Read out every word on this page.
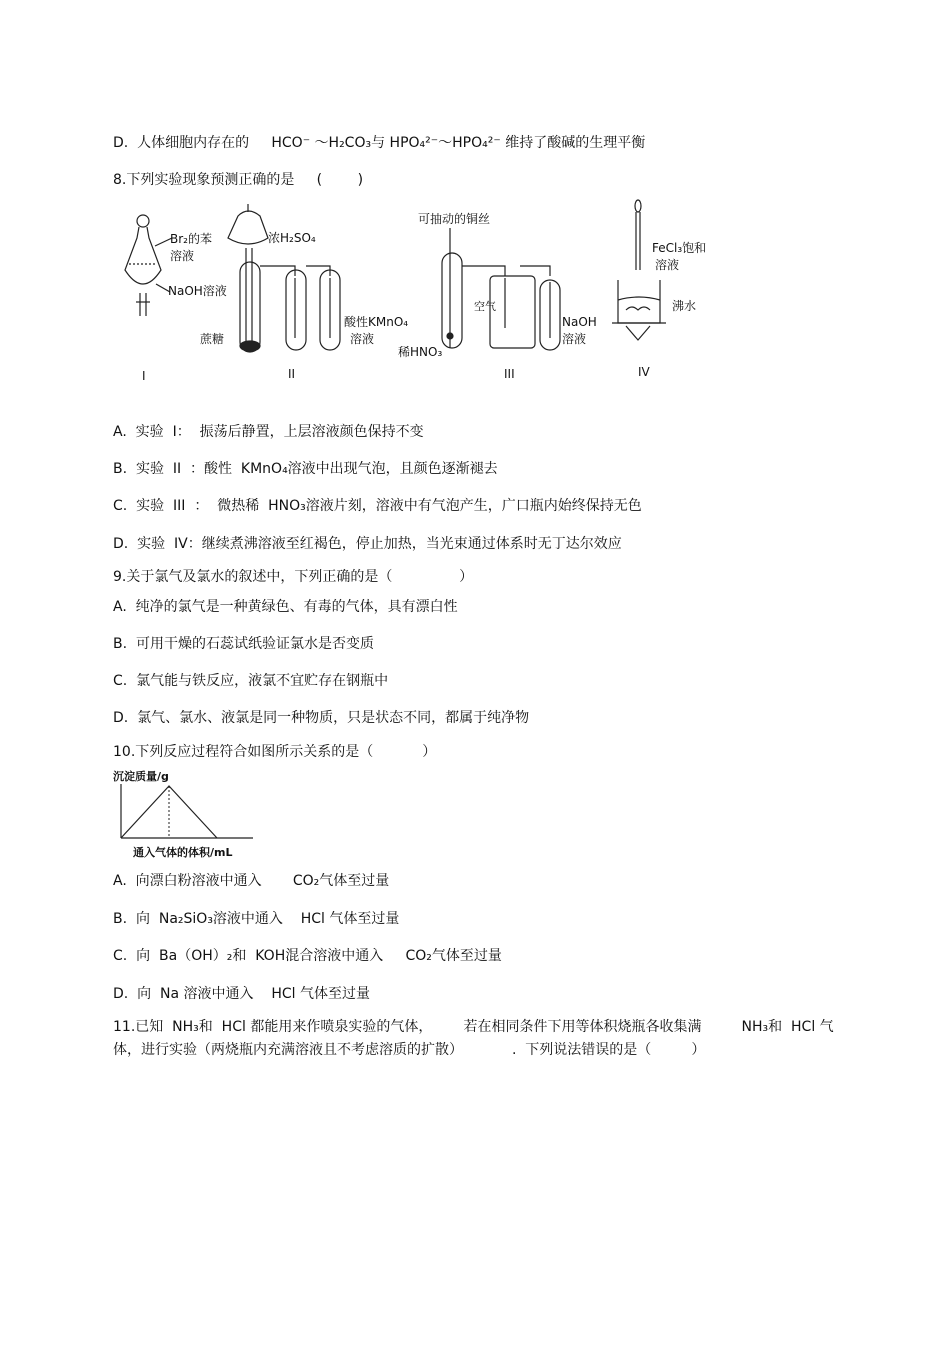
D.  人体细胞内存在的     HCO⁻ ～H₂CO₃与 HPO₄²⁻～HPO₄²⁻ 维持了酸碱的生理平衡
8.下列实验现象预测正确的是     (        )
Br₂的苯
溶液
NaOH溶液
I
浓H₂SO₄
蔗糖
酸性KMnO₄
溶液
II
可抽动的铜丝
空气
稀HNO₃
NaOH
溶液
III
FeCl₃饱和
溶液
沸水
IV
A.  实验  I：  振荡后静置，上层溶液颜色保持不变
B.  实验  II  ：酸性  KMnO₄溶液中出现气泡，且颜色逐渐褪去
C.  实验  III  ：  微热稀  HNO₃溶液片刻，溶液中有气泡产生，广口瓶内始终保持无色
D.  实验  IV：继续煮沸溶液至红褐色，停止加热，当光束通过体系时无丁达尔效应
9.关于氯气及氯水的叙述中，下列正确的是（               ）
A.  纯净的氯气是一种黄绿色、有毒的气体，具有漂白性
B.  可用干燥的石蕊试纸验证氯水是否变质
C.  氯气能与铁反应，液氯不宜贮存在钢瓶中
D.  氯气、氯水、液氯是同一种物质，只是状态不同，都属于纯净物
10.下列反应过程符合如图所示关系的是（           ）
沉淀质量/g
通入气体的体积/mL
A.  向漂白粉溶液中通入       CO₂气体至过量
B.  向  Na₂SiO₃溶液中通入    HCl 气体至过量
C.  向  Ba（OH）₂和  KOH混合溶液中通入     CO₂气体至过量
D.  向  Na 溶液中通入    HCl 气体至过量
11.已知  NH₃和  HCl 都能用来作喷泉实验的气体，       若在相同条件下用等体积烧瓶各收集满         NH₃和  HCl 气
体，进行实验（两烧瓶内充满溶液且不考虑溶质的扩散）           .  下列说法错误的是（         ）
